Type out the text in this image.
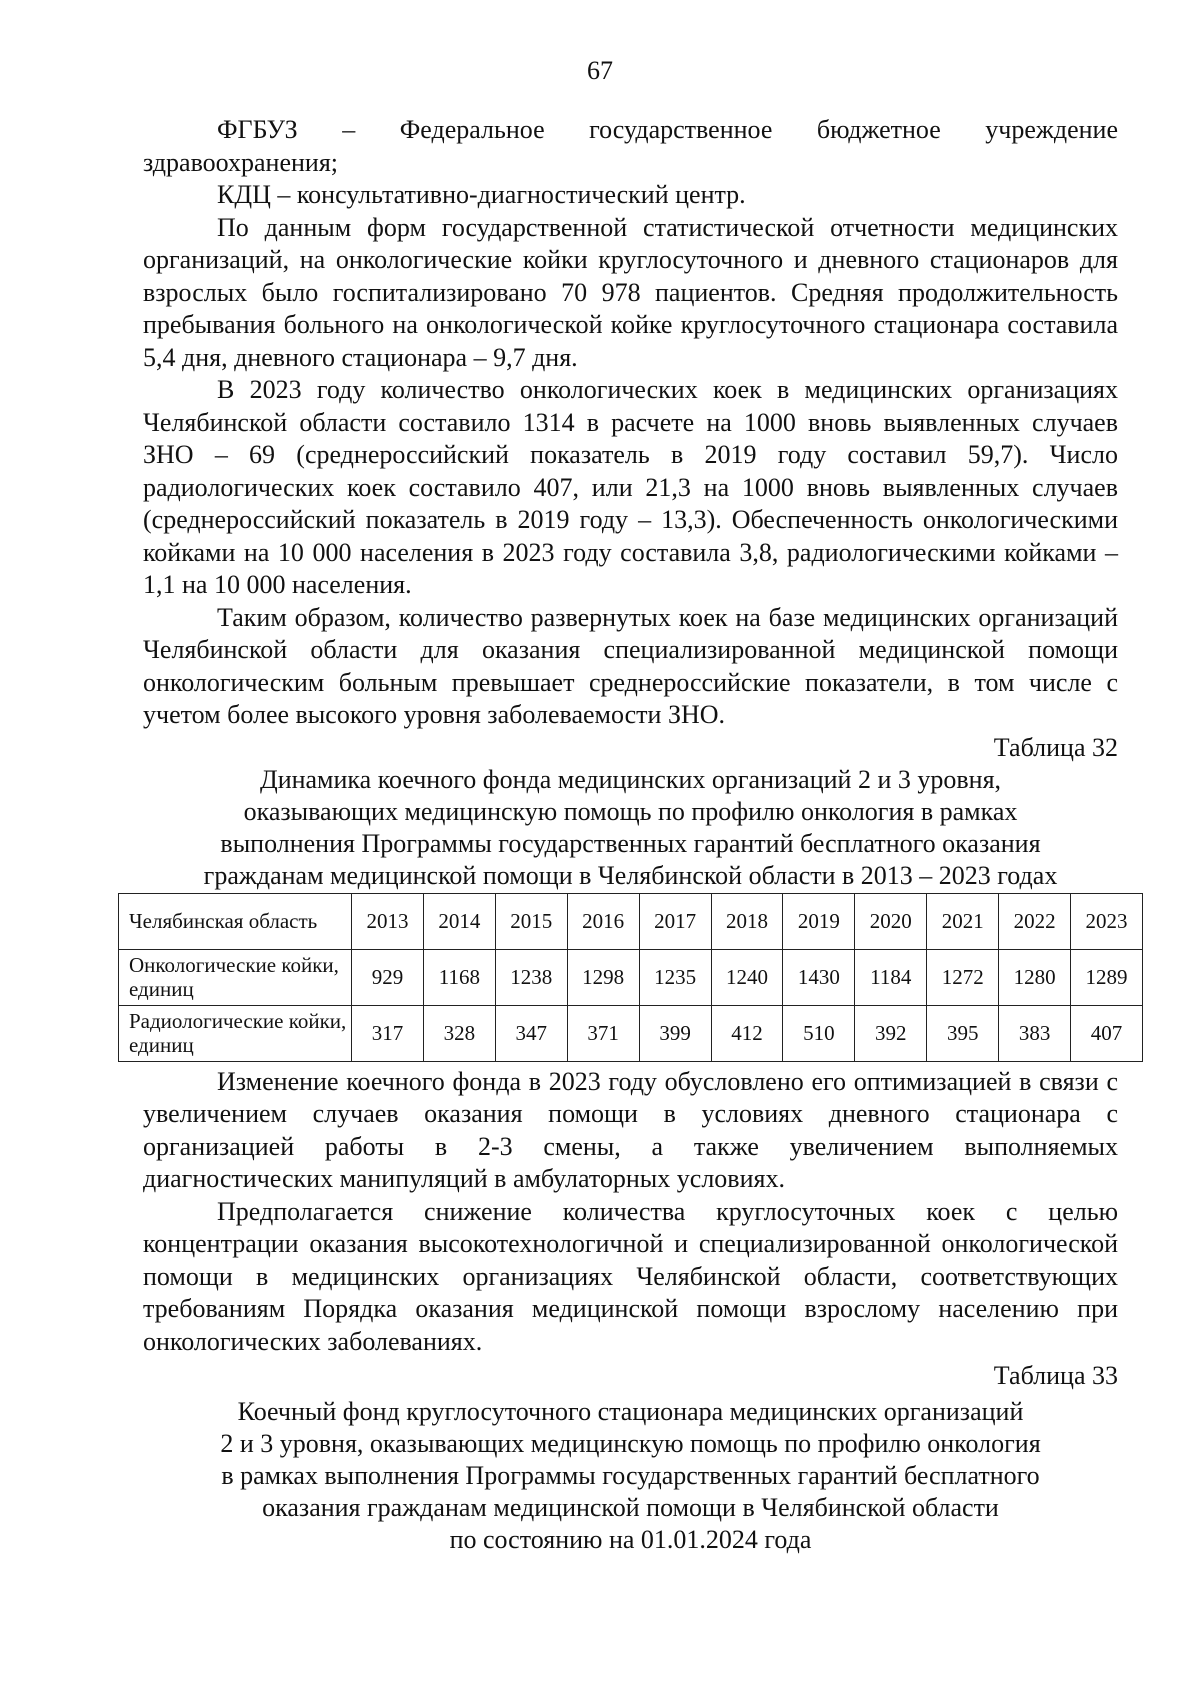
67

ФГБУЗ – Федеральное государственное бюджетное учреждение здравоохранения;

КДЦ – консультативно-диагностический центр.

По данным форм государственной статистической отчетности медицинских организаций, на онкологические койки круглосуточного и дневного стационаров для взрослых было госпитализировано 70 978 пациентов. Средняя продолжительность пребывания больного на онкологической койке круглосуточного стационара составила 5,4 дня, дневного стационара – 9,7 дня.

В 2023 году количество онкологических коек в медицинских организациях Челябинской области составило 1314 в расчете на 1000 вновь выявленных случаев ЗНО – 69 (среднероссийский показатель в 2019 году составил 59,7). Число радиологических коек составило 407, или 21,3 на 1000 вновь выявленных случаев (среднероссийский показатель в 2019 году – 13,3). Обеспеченность онкологическими койками на 10 000 населения в 2023 году составила 3,8, радиологическими койками – 1,1 на 10 000 населения.

Таким образом, количество развернутых коек на базе медицинских организаций Челябинской области для оказания специализированной медицинской помощи онкологическим больным превышает среднероссийские показатели, в том числе с учетом более высокого уровня заболеваемости ЗНО.

Таблица 32

Динамика коечного фонда медицинских организаций 2 и 3 уровня,

оказывающих медицинскую помощь по профилю онкология в рамках

выполнения Программы государственных гарантий бесплатного оказания

гражданам медицинской помощи в Челябинской области в 2013 – 2023 годах

Челябинская область	2013	2014	2015	2016	2017	2018	2019	2020	2021	2022	2023
Онкологические койки, единиц	929	1168	1238	1298	1235	1240	1430	1184	1272	1280	1289
Радиологические койки, единиц	317	328	347	371	399	412	510	392	395	383	407

Изменение коечного фонда в 2023 году обусловлено его оптимизацией в связи с увеличением случаев оказания помощи в условиях дневного стационара с организацией работы в 2-3 смены, а также увеличением выполняемых диагностических манипуляций в амбулаторных условиях.

Предполагается снижение количества круглосуточных коек с целью концентрации оказания высокотехнологичной и специализированной онкологической помощи в медицинских организациях Челябинской области, соответствующих требованиям Порядка оказания медицинской помощи взрослому населению при онкологических заболеваниях.

Таблица 33

Коечный фонд круглосуточного стационара медицинских организаций

2 и 3 уровня, оказывающих медицинскую помощь по профилю онкология

в рамках выполнения Программы государственных гарантий бесплатного

оказания гражданам медицинской помощи в Челябинской области

по состоянию на 01.01.2024 года
